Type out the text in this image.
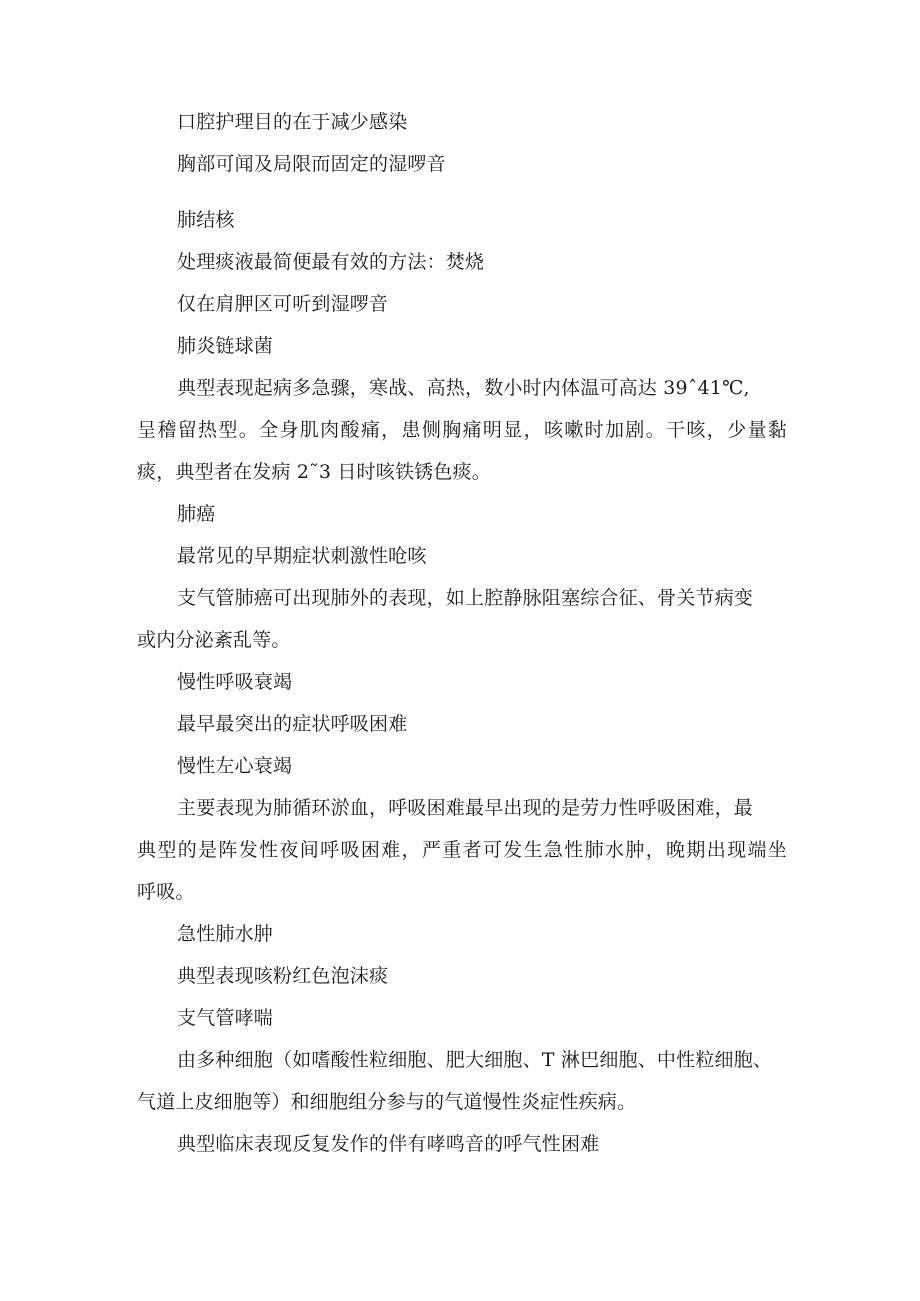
口腔护理目的在于减少感染
胸部可闻及局限而固定的湿啰音
肺结核
处理痰液最简便最有效的方法：焚烧
仅在肩胛区可听到湿啰音
肺炎链球菌
典型表现起病多急骤，寒战、高热，数小时内体温可高达 39ˆ41℃,
呈稽留热型。全身肌肉酸痛，患侧胸痛明显，咳嗽时加剧。干咳，少量黏
痰，典型者在发病 2˜3 日时咳铁锈色痰。
肺癌
最常见的早期症状刺激性呛咳
支气管肺癌可出现肺外的表现，如上腔静脉阻塞综合征、骨关节病变
或内分泌紊乱等。
慢性呼吸衰竭
最早最突出的症状呼吸困难
慢性左心衰竭
主要表现为肺循环淤血，呼吸困难最早出现的是劳力性呼吸困难，最
典型的是阵发性夜间呼吸困难，严重者可发生急性肺水肿，晚期出现端坐
呼吸。
急性肺水肿
典型表现咳粉红色泡沫痰
支气管哮喘
由多种细胞（如嗜酸性粒细胞、肥大细胞、T 淋巴细胞、中性粒细胞、
气道上皮细胞等）和细胞组分参与的气道慢性炎症性疾病。
典型临床表现反复发作的伴有哮鸣音的呼气性困难
